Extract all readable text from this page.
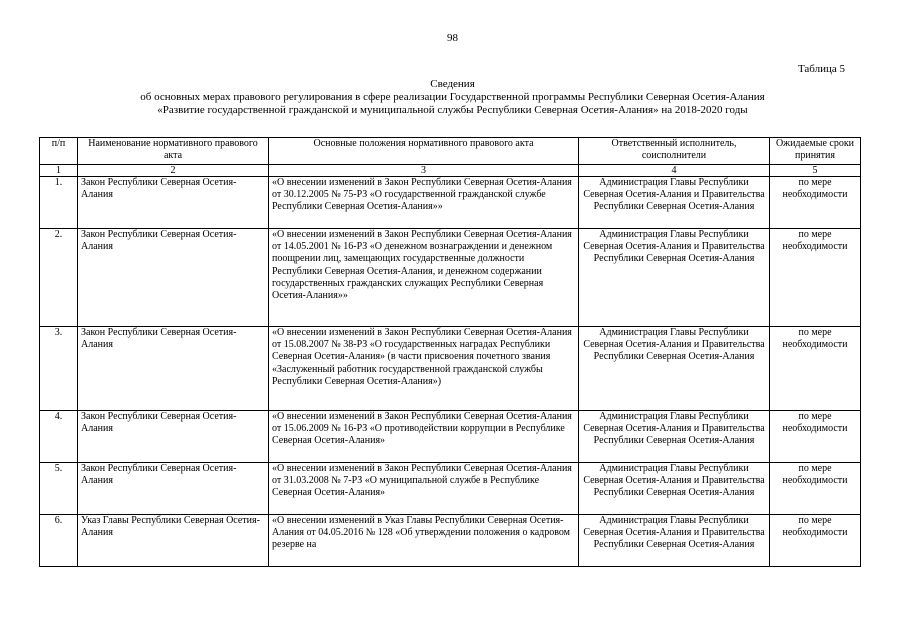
98
Таблица 5
Сведения
об основных мерах правового регулирования в сфере реализации Государственной программы Республики Северная Осетия-Алания
«Развитие государственной гражданской и муниципальной службы Республики Северная Осетия-Алания» на 2018-2020 годы
п/п	Наименование нормативного правового акта	Основные положения нормативного правового акта	Ответственный исполнитель, соисполнители	Ожидаемые сроки принятия
1	2	3	4	5
1.	Закон Республики Северная Осетия-Алания	«О внесении изменений в Закон Республики Северная Осетия-Алания от 30.12.2005 № 75-РЗ «О государственной гражданской службе Республики Северная Осетия-Алания»»	Администрация Главы Республики Северная Осетия-Алания и Правительства Республики Северная Осетия-Алания	по мере необходимости
2.	Закон Республики Северная Осетия-Алания	«О внесении изменений в Закон Республики Северная Осетия-Алания от 14.05.2001 № 16-РЗ «О денежном вознаграждении и денежном поощрении лиц, замещающих государственные должности Республики Северная Осетия-Алания, и денежном содержании государственных гражданских служащих Республики Северная Осетия-Алания»»	Администрация Главы Республики Северная Осетия-Алания и Правительства Республики Северная Осетия-Алания	по мере необходимости
3.	Закон Республики Северная Осетия-Алания	«О внесении изменений в Закон Республики Северная Осетия-Алания от 15.08.2007 № 38-РЗ «О государственных наградах Республики Северная Осетия-Алания» (в части присвоения почетного звания «Заслуженный работник государственной гражданской службы Республики Северная Осетия-Алания»)	Администрация Главы Республики Северная Осетия-Алания и Правительства Республики Северная Осетия-Алания	по мере необходимости
4.	Закон Республики Северная Осетия-Алания	«О внесении изменений в Закон Республики Северная Осетия-Алания от 15.06.2009 № 16-РЗ «О противодействии коррупции в Республике Северная Осетия-Алания»	Администрация Главы Республики Северная Осетия-Алания и Правительства Республики Северная Осетия-Алания	по мере необходимости
5.	Закон Республики Северная Осетия-Алания	«О внесении изменений в Закон Республики Северная Осетия-Алания от 31.03.2008 № 7-РЗ «О муниципальной службе в Республике Северная Осетия-Алания»	Администрация Главы Республики Северная Осетия-Алания и Правительства Республики Северная Осетия-Алания	по мере необходимости
6.	Указ Главы Республики Северная Осетия-Алания	«О внесении изменений в Указ Главы Республики Северная Осетия-Алания от 04.05.2016 № 128 «Об утверждении положения о кадровом резерве на	Администрация Главы Республики Северная Осетия-Алания и Правительства Республики Северная Осетия-Алания	по мере необходимости
